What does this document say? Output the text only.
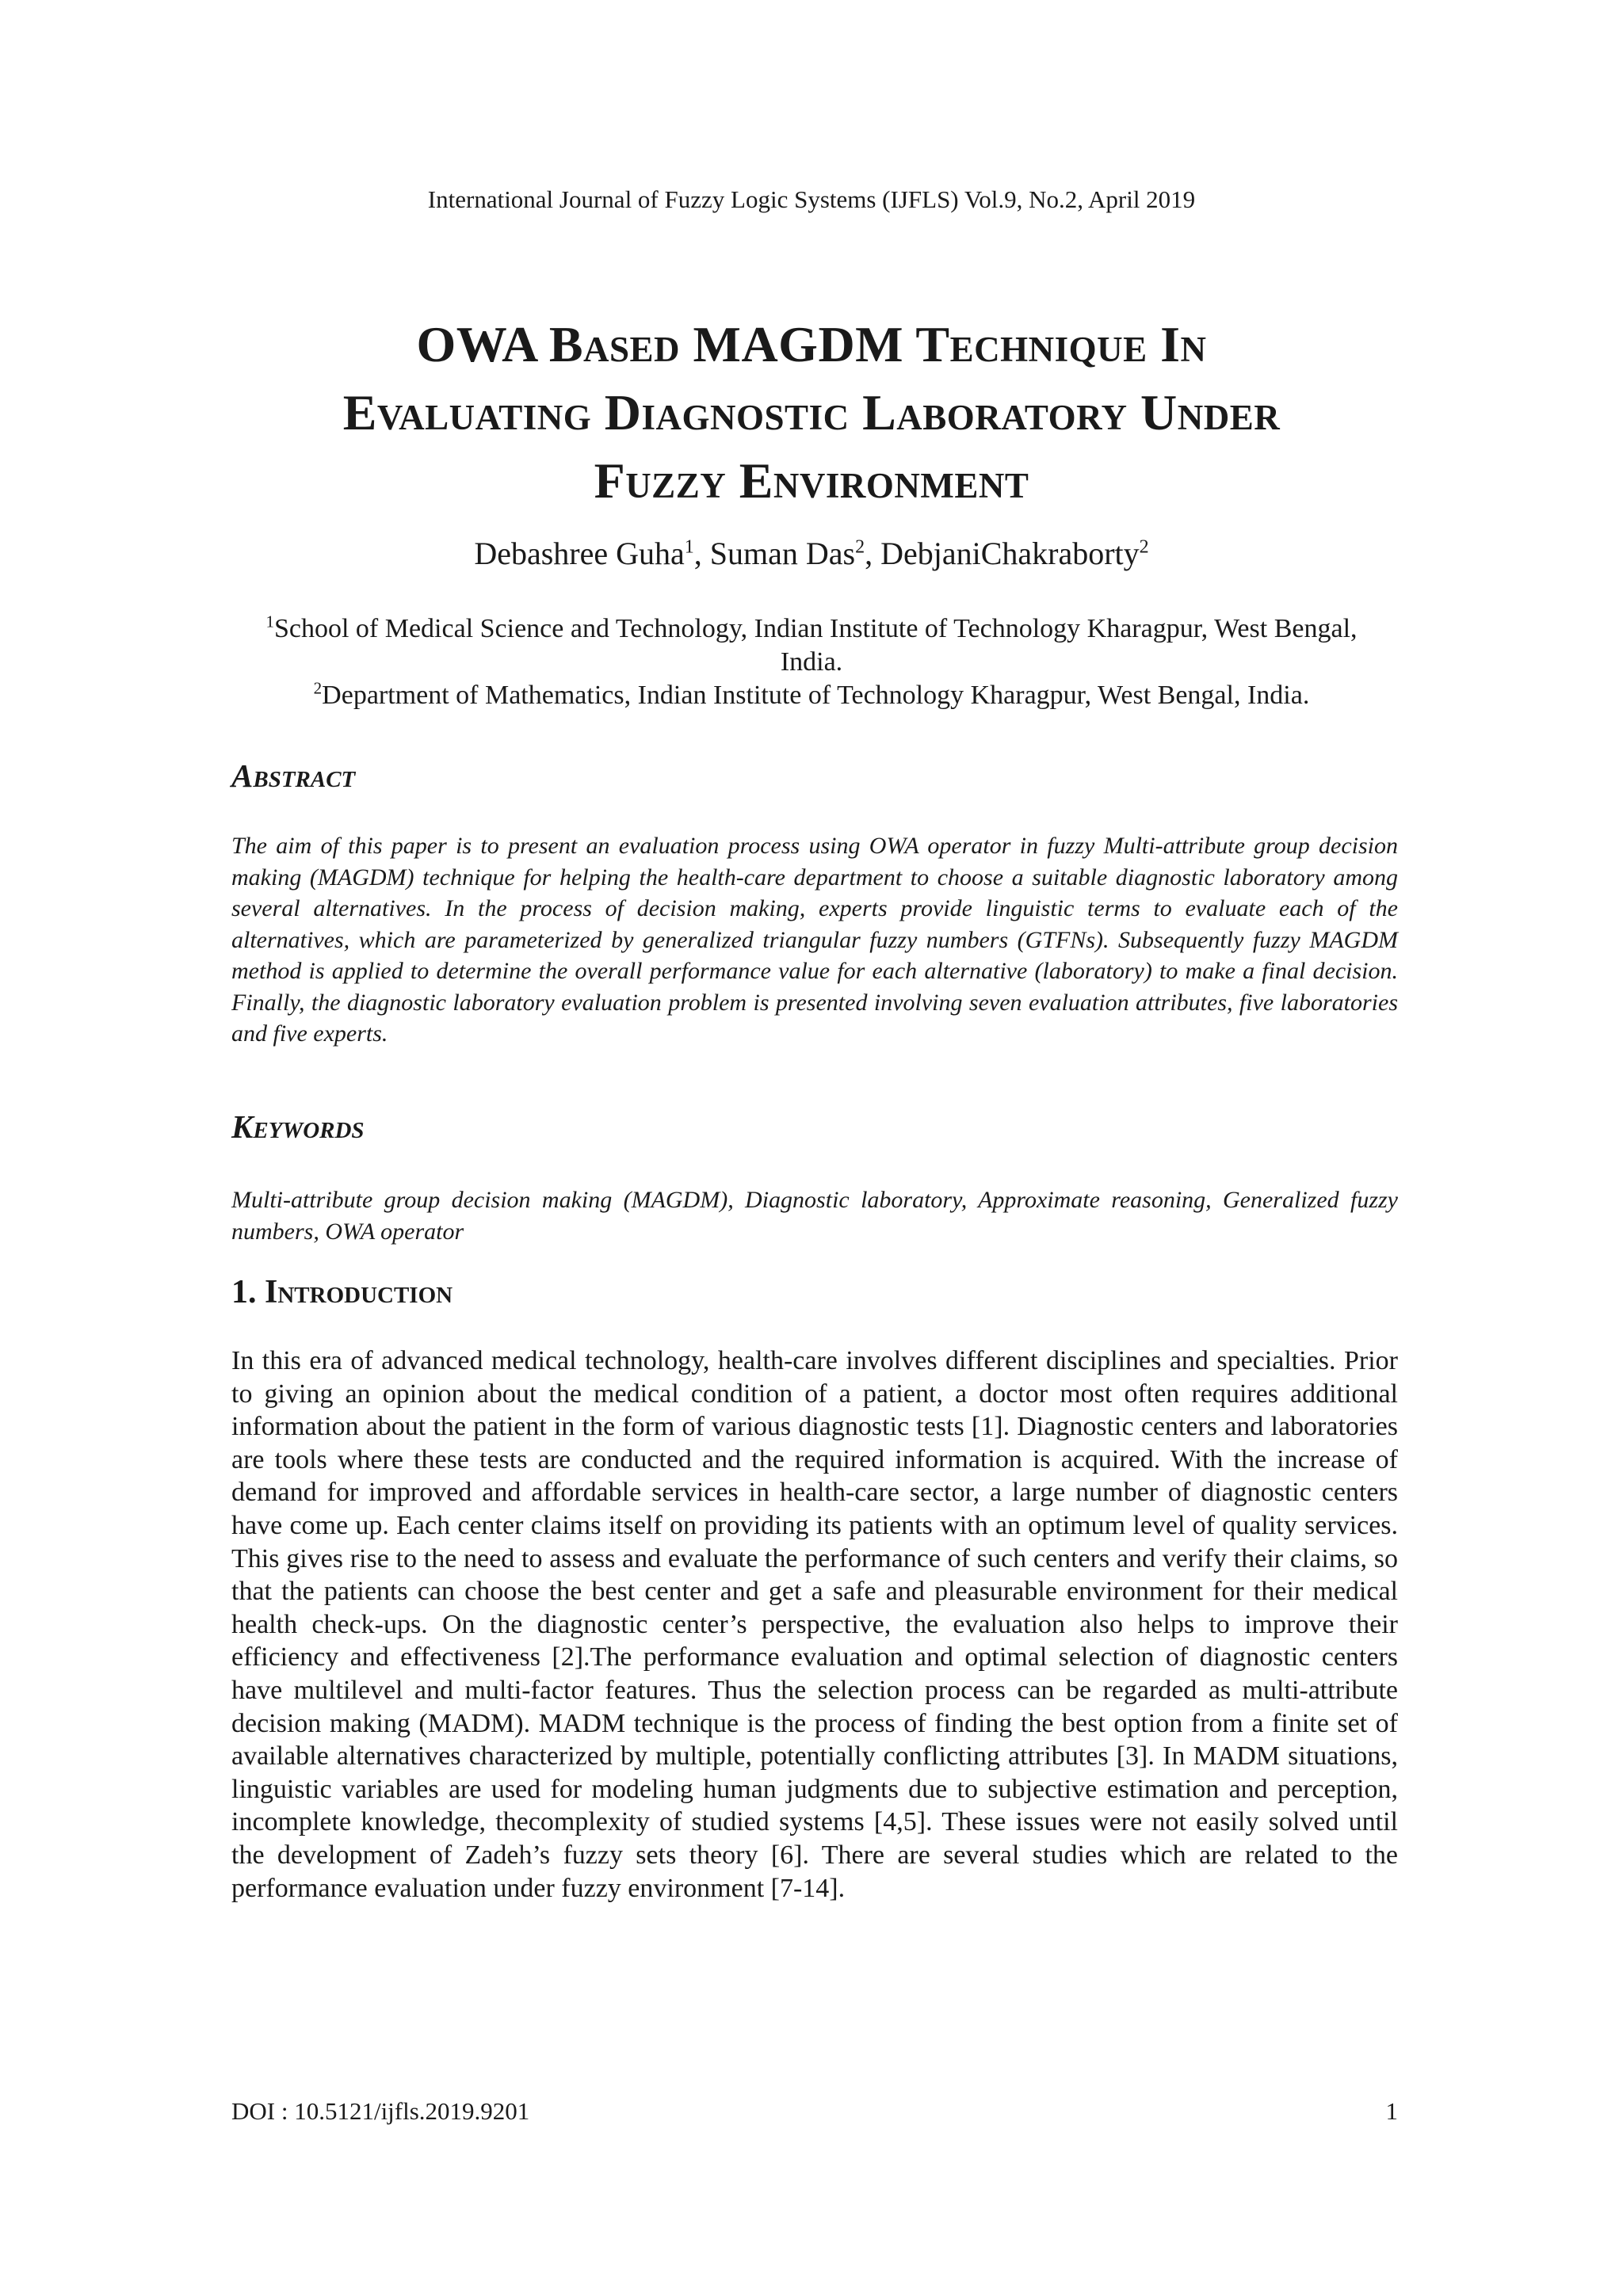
International Journal of Fuzzy Logic Systems (IJFLS) Vol.9, No.2, April 2019
OWA Based MAGDM Technique In
Evaluating Diagnostic Laboratory Under
Fuzzy Environment
Debashree Guha$^1$, Suman Das$^2$, DebjaniChakraborty$^2$
$^1$School of Medical Science and Technology, Indian Institute of Technology Kharagpur, West Bengal, India.
$^2$Department of Mathematics, Indian Institute of Technology Kharagpur, West Bengal, India.
Abstract
The aim of this paper is to present an evaluation process using OWA operator in fuzzy Multi-attribute group decision making (MAGDM) technique for helping the health-care department to choose a suitable diagnostic laboratory among several alternatives. In the process of decision making, experts provide linguistic terms to evaluate each of the alternatives, which are parameterized by generalized triangular fuzzy numbers (GTFNs). Subsequently fuzzy MAGDM method is applied to determine the overall performance value for each alternative (laboratory) to make a final decision. Finally, the diagnostic laboratory evaluation problem is presented involving seven evaluation attributes, five laboratories and five experts.
Keywords
Multi-attribute group decision making (MAGDM), Diagnostic laboratory, Approximate reasoning, Generalized fuzzy numbers, OWA operator
1. Introduction
In this era of advanced medical technology, health-care involves different disciplines and specialties. Prior to giving an opinion about the medical condition of a patient, a doctor most often requires additional information about the patient in the form of various diagnostic tests [1]. Diagnostic centers and laboratories are tools where these tests are conducted and the required information is acquired. With the increase of demand for improved and affordable services in health-care sector, a large number of diagnostic centers have come up. Each center claims itself on providing its patients with an optimum level of quality services. This gives rise to the need to assess and evaluate the performance of such centers and verify their claims, so that the patients can choose the best center and get a safe and pleasurable environment for their medical health check-ups. On the diagnostic center’s perspective, the evaluation also helps to improve their efficiency and effectiveness [2].The performance evaluation and optimal selection of diagnostic centers have multilevel and multi-factor features. Thus the selection process can be regarded as multi-attribute decision making (MADM). MADM technique is the process of finding the best option from a finite set of available alternatives characterized by multiple, potentially conflicting attributes [3]. In MADM situations, linguistic variables are used for modeling human judgments due to subjective estimation and perception, incomplete knowledge, thecomplexity of studied systems [4,5]. These issues were not easily solved until the development of Zadeh’s fuzzy sets theory [6]. There are several studies which are related to the performance evaluation under fuzzy environment [7-14].
DOI : 10.5121/ijfls.2019.9201	1
